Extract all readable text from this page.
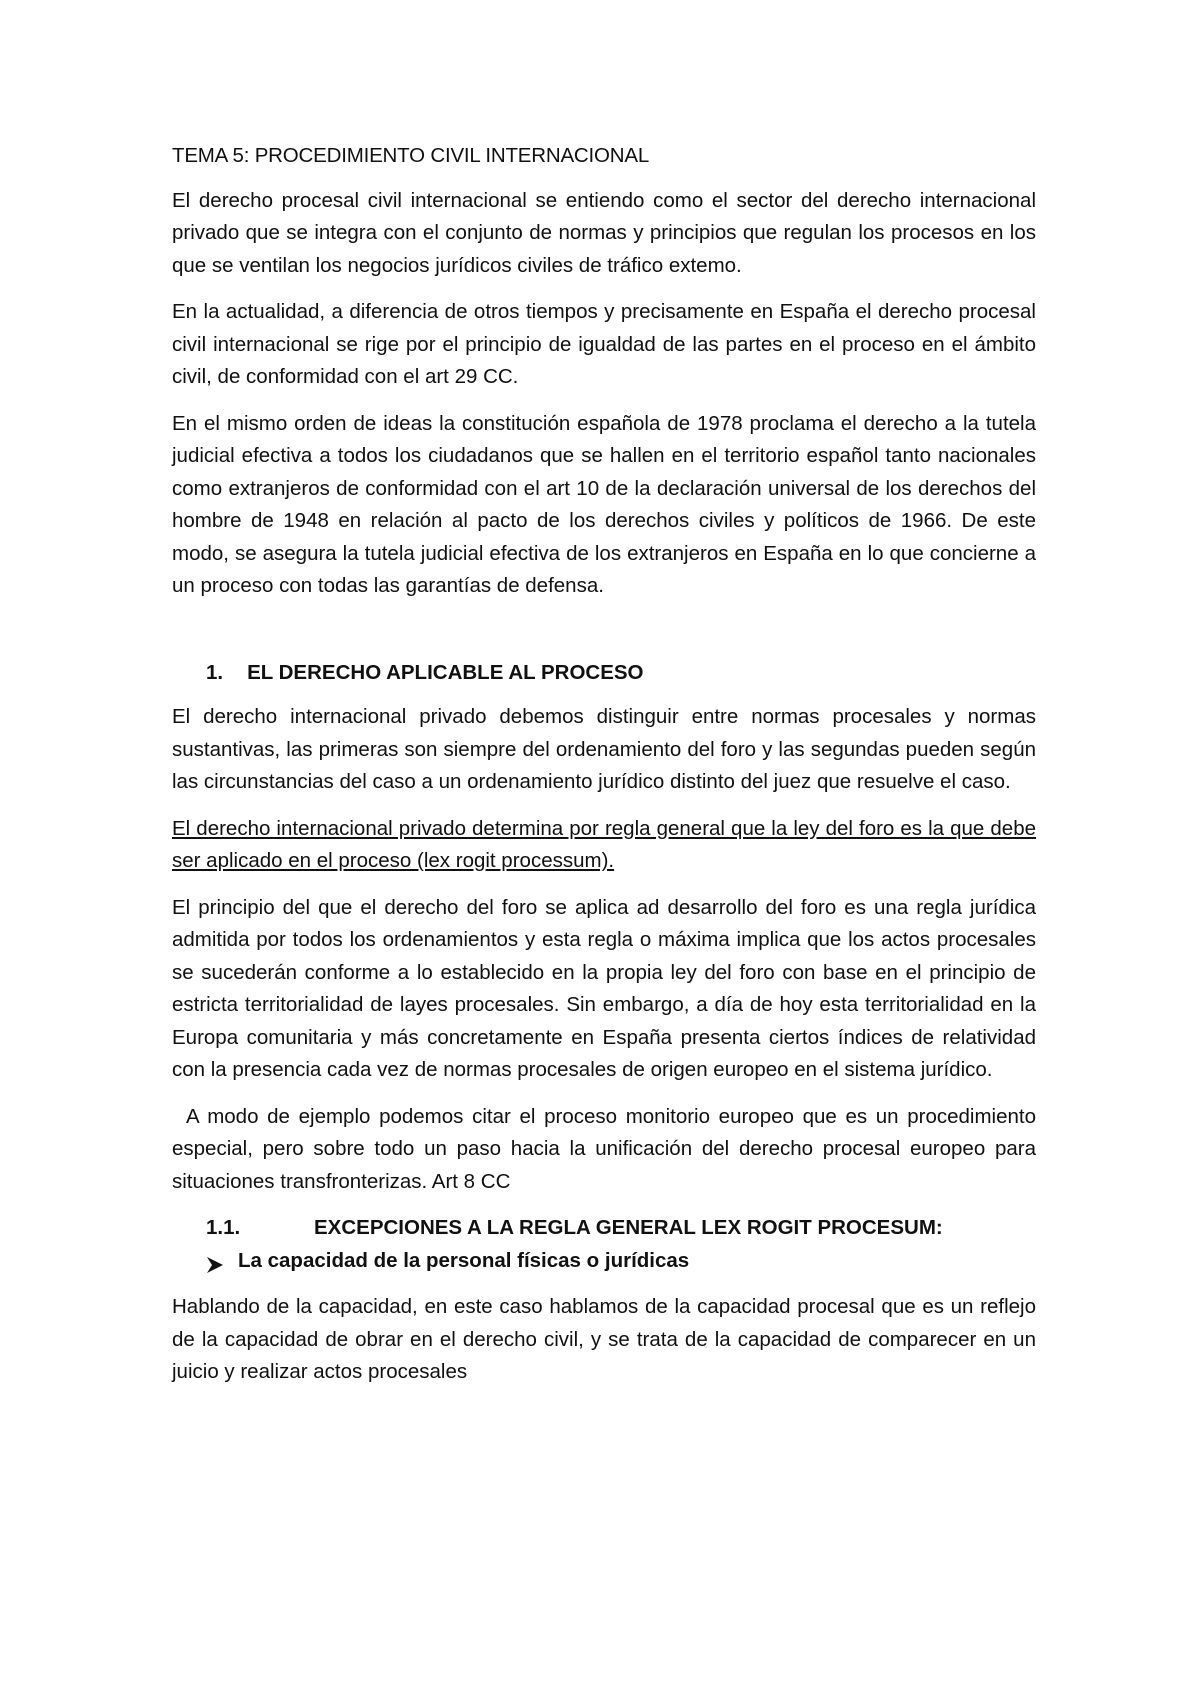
TEMA 5: PROCEDIMIENTO CIVIL INTERNACIONAL

El derecho procesal civil internacional se entiendo como el sector del derecho internacional privado que se integra con el conjunto de normas y principios que regulan los procesos en los que se ventilan los negocios jurídicos civiles de tráfico extemo.

En la actualidad, a diferencia de otros tiempos y precisamente en España el derecho procesal civil internacional se rige por el principio de igualdad de las partes en el proceso en el ámbito civil, de conformidad con el art 29 CC.

En el mismo orden de ideas la constitución española de 1978 proclama el derecho a la tutela judicial efectiva a todos los ciudadanos que se hallen en el territorio español tanto nacionales como extranjeros de conformidad con el art 10 de la declaración universal de los derechos del hombre de 1948 en relación al pacto de los derechos civiles y políticos de 1966. De este modo, se asegura la tutela judicial efectiva de los extranjeros en España en lo que concierne a un proceso con todas las garantías de defensa.

1. EL DERECHO APLICABLE AL PROCESO

El derecho internacional privado debemos distinguir entre normas procesales y normas sustantivas, las primeras son siempre del ordenamiento del foro y las segundas pueden según las circunstancias del caso a un ordenamiento jurídico distinto del juez que resuelve el caso.

El derecho internacional privado determina por regla general que la ley del foro es la que debe ser aplicado en el proceso (lex rogit processum).

El principio del que el derecho del foro se aplica ad desarrollo del foro es una regla jurídica admitida por todos los ordenamientos y esta regla o máxima implica que los actos procesales se sucederán conforme a lo establecido en la propia ley del foro con base en el principio de estricta territorialidad de layes procesales. Sin embargo, a día de hoy esta territorialidad en la Europa comunitaria y más concretamente en España presenta ciertos índices de relatividad con la presencia cada vez de normas procesales de origen europeo en el sistema jurídico.

A modo de ejemplo podemos citar el proceso monitorio europeo que es un procedimiento especial, pero sobre todo un paso hacia la unificación del derecho procesal europeo para situaciones transfronterizas. Art 8 CC

1.1.	EXCEPCIONES A LA REGLA GENERAL LEX ROGIT PROCESUM:
La capacidad de la personal físicas o jurídicas

Hablando de la capacidad, en este caso hablamos de la capacidad procesal que es un reflejo de la capacidad de obrar en el derecho civil, y se trata de la capacidad de comparecer en un juicio y realizar actos procesales
